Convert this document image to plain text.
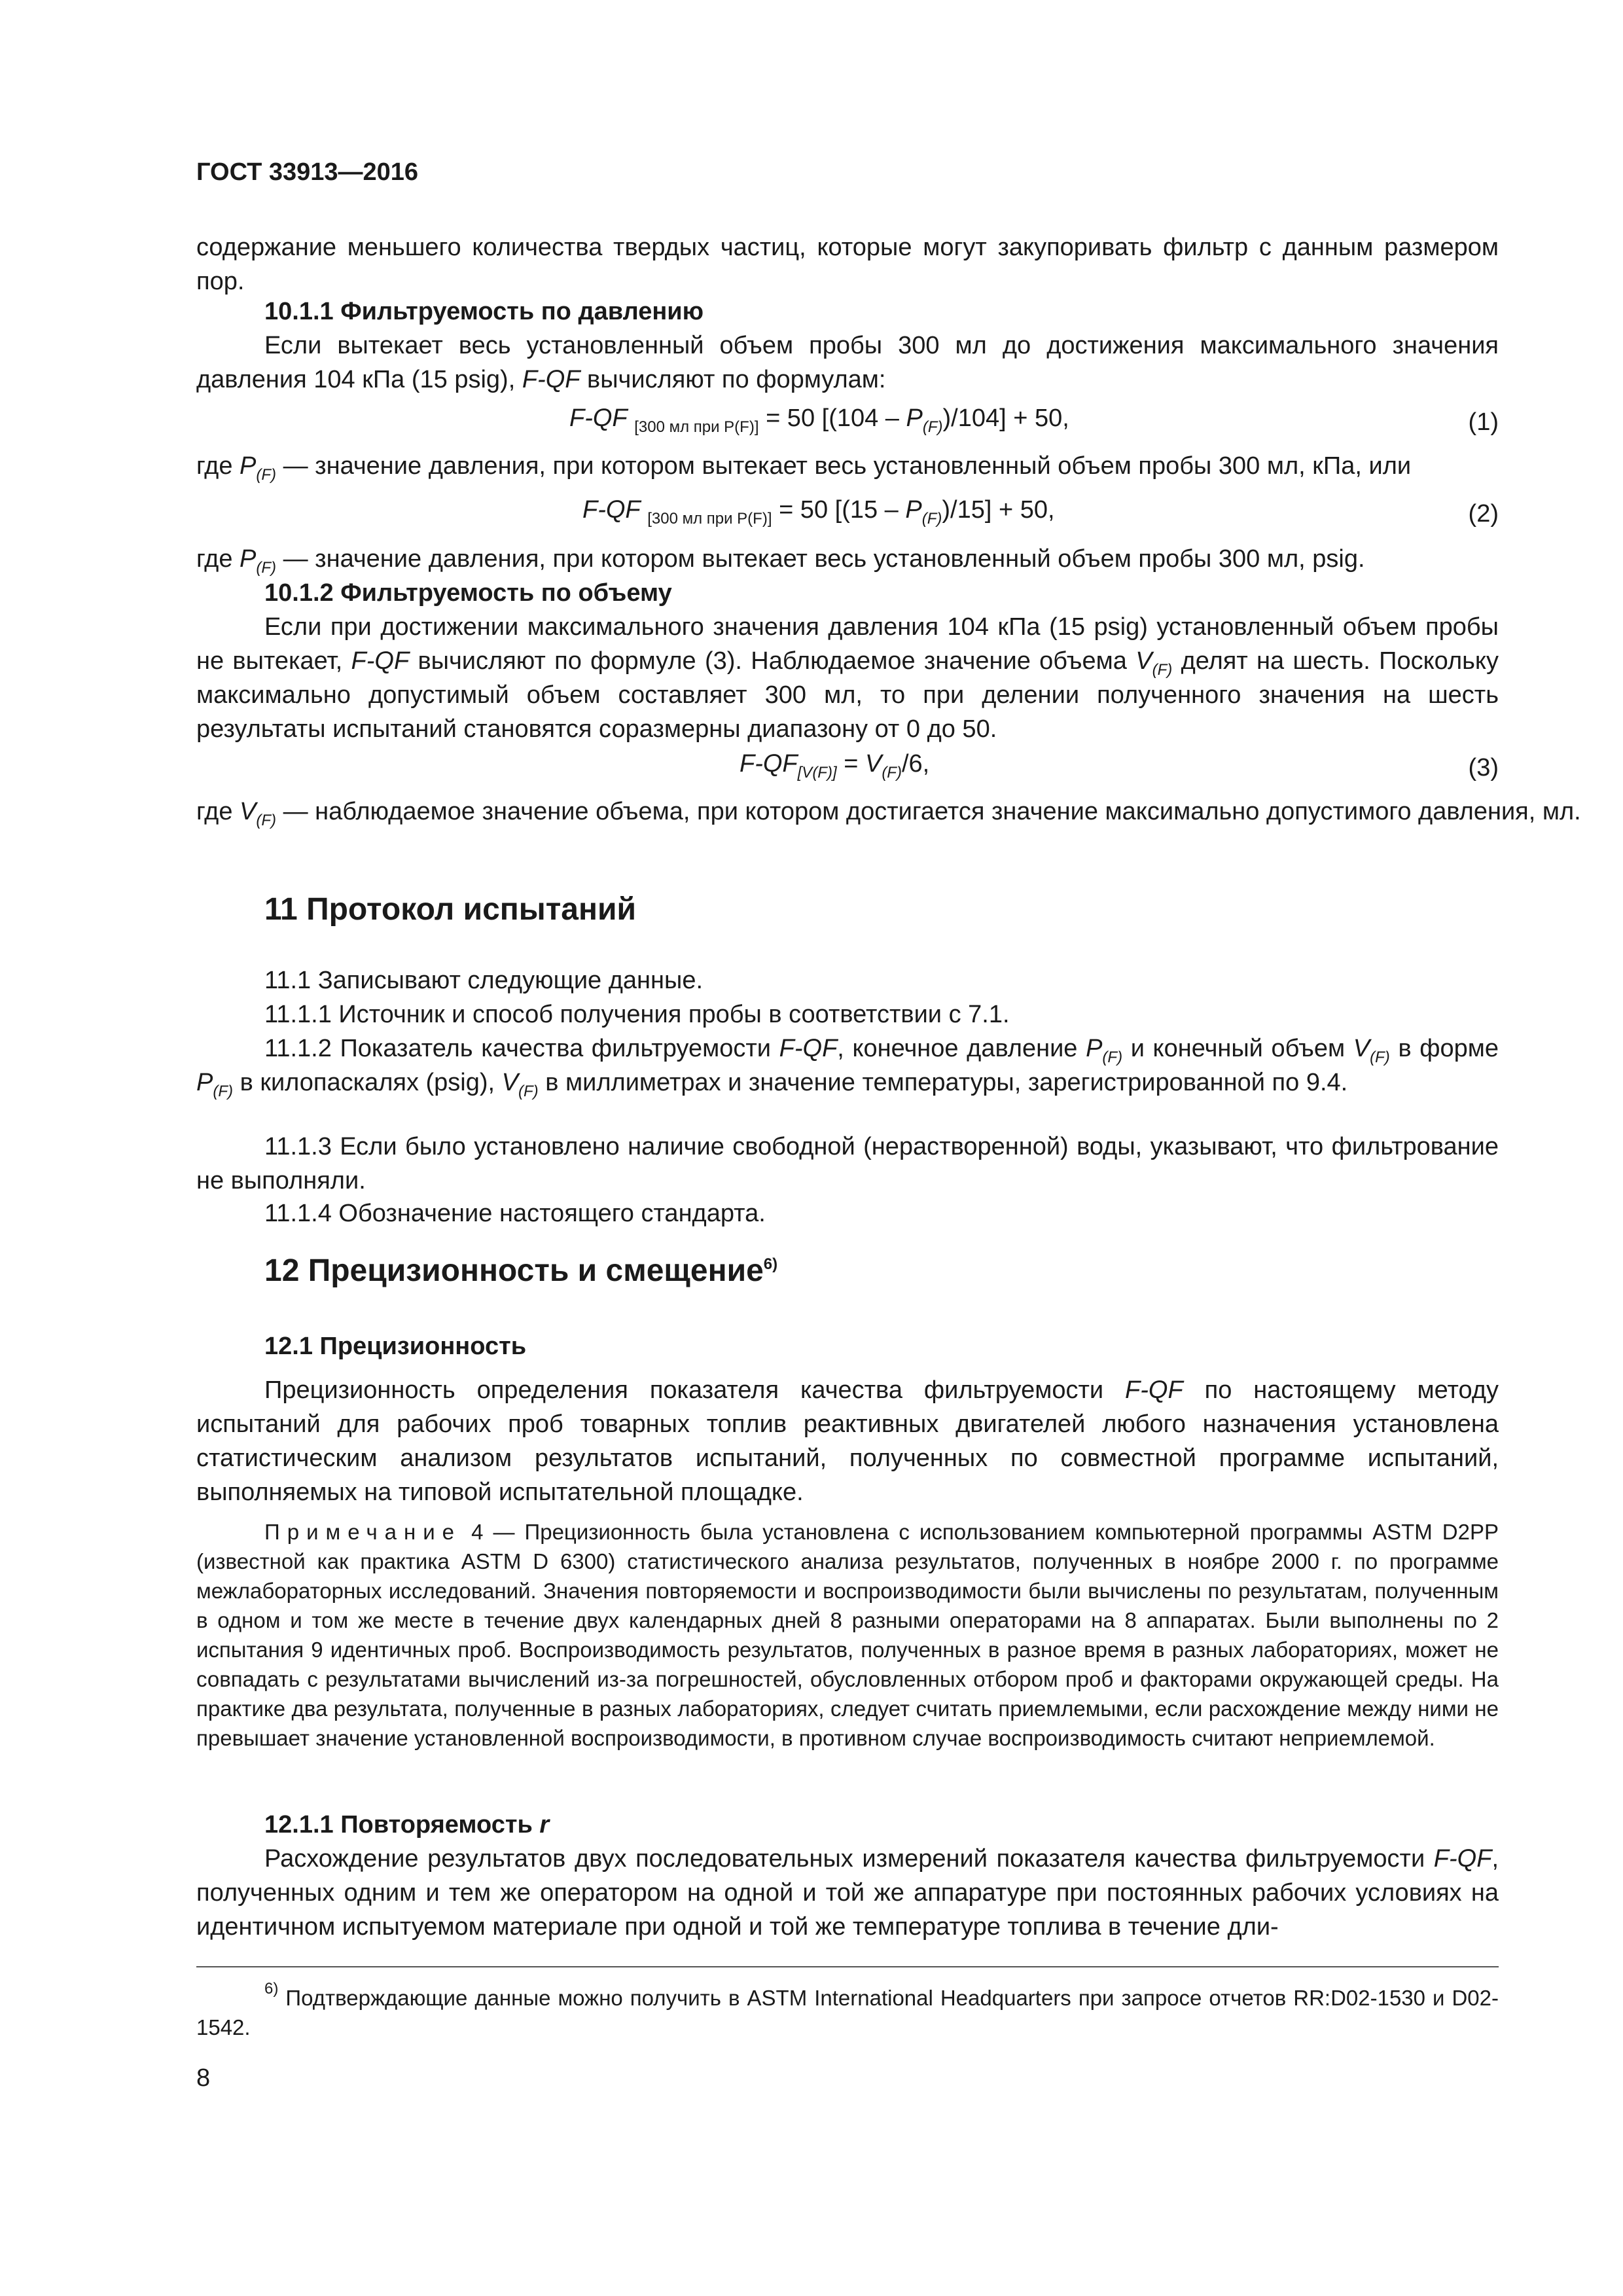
ГОСТ 33913—2016
содержание меньшего количества твердых частиц, которые могут закупоривать фильтр с данным размером пор.
10.1.1 Фильтруемость по давлению
Если вытекает весь установленный объем пробы 300 мл до достижения максимального значения давления 104 кПа (15 psig), F-QF вычисляют по формулам:
F-QF $_{[300 мл при P(F)]}$ = 50 $[(104 - P_{(F)})/104] + 50$,	(1)
где $P_{(F)}$ — значение давления, при котором вытекает весь установленный объем пробы 300 мл, кПа, или
F-QF $_{[300 мл при P(F)]}$ = 50 $[(15 - P_{(F)})/15] + 50$,	(2)
где $P_{(F)}$ — значение давления, при котором вытекает весь установленный объем пробы 300 мл, psig.
10.1.2 Фильтруемость по объему
Если при достижении максимального значения давления 104 кПа (15 psig) установленный объем пробы не вытекает, F-QF вычисляют по формуле (3). Наблюдаемое значение объема $V_{(F)}$ делят на шесть. Поскольку максимально допустимый объем составляет 300 мл, то при делении полученного значения на шесть результаты испытаний становятся соразмерны диапазону от 0 до 50.
$F-QF_{[V(F)]} = V_{(F)}/6$,	(3)
где $V_{(F)}$ — наблюдаемое значение объема, при котором достигается значение максимально допустимого давления, мл.
11 Протокол испытаний
11.1 Записывают следующие данные.
11.1.1 Источник и способ получения пробы в соответствии с 7.1.
11.1.2 Показатель качества фильтруемости F-QF, конечное давление $P_{(F)}$ и конечный объем $V_{(F)}$ в форме $P_{(F)}$ в килопаскалях (psig), $V_{(F)}$ в миллиметрах и значение температуры, зарегистрированной по 9.4.
11.1.3 Если было установлено наличие свободной (нерастворенной) воды, указывают, что фильтрование не выполняли.
11.1.4 Обозначение настоящего стандарта.
12 Прецизионность и смещение$^{6)}$
12.1 Прецизионность
Прецизионность определения показателя качества фильтруемости F-QF по настоящему методу испытаний для рабочих проб товарных топлив реактивных двигателей любого назначения установлена статистическим анализом результатов испытаний, полученных по совместной программе испытаний, выполняемых на типовой испытательной площадке.
Примечание 4 — Прецизионность была установлена с использованием компьютерной программы ASTM D2PP (известной как практика ASTM D 6300) статистического анализа результатов, полученных в ноябре 2000 г. по программе межлабораторных исследований. Значения повторяемости и воспроизводимости были вычислены по результатам, полученным в одном и том же месте в течение двух календарных дней 8 разными операторами на 8 аппаратах. Были выполнены по 2 испытания 9 идентичных проб. Воспроизводимость результатов, полученных в разное время в разных лабораториях, может не совпадать с результатами вычислений из-за погрешностей, обусловленных отбором проб и факторами окружающей среды. На практике два результата, полученные в разных лабораториях, следует считать приемлемыми, если расхождение между ними не превышает значение установленной воспроизводимости, в противном случае воспроизводимость считают неприемлемой.
12.1.1 Повторяемость r
Расхождение результатов двух последовательных измерений показателя качества фильтруемости F-QF, полученных одним и тем же оператором на одной и той же аппаратуре при постоянных рабочих условиях на идентичном испытуемом материале при одной и той же температуре топлива в течение дли-
$^{6)}$ Подтверждающие данные можно получить в ASTM International Headquarters при запросе отчетов RR:D02-1530 и D02-1542.
8
